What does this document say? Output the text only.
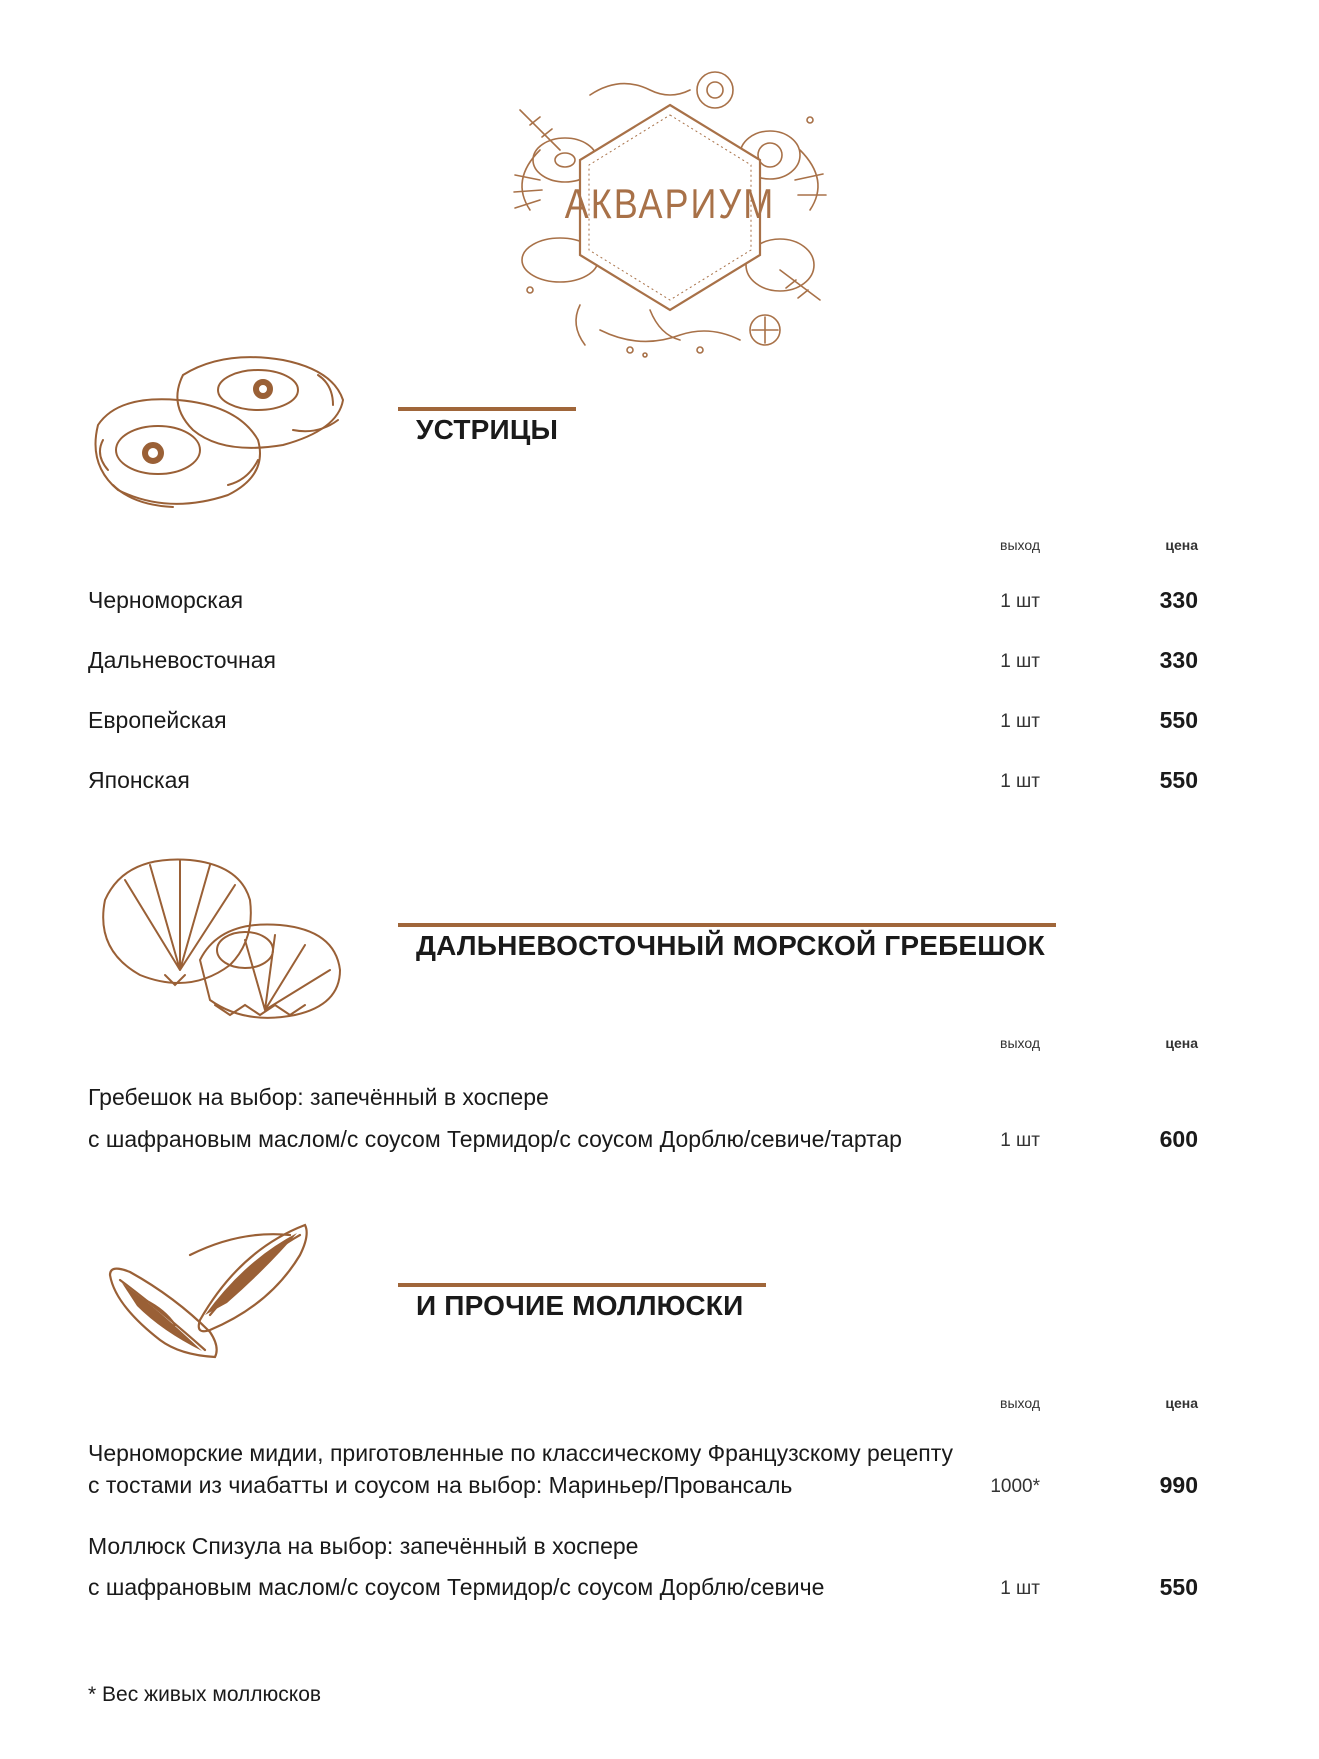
АКВАРИУМ
УСТРИЦЫ
выход	цена
Черноморская	1 шт	330
Дальневосточная	1 шт	330
Европейская	1 шт	550
Японская	1 шт	550
ДАЛЬНЕВОСТОЧНЫЙ МОРСКОЙ ГРЕБЕШОК
выход	цена
Гребешок на выбор: запечённый в хоспере
с шафрановым маслом/с соусом Термидор/с соусом Дорблю/севиче/тартар	1 шт	600
И ПРОЧИЕ МОЛЛЮСКИ
выход	цена
Черноморские мидии, приготовленные по классическому Французскому рецепту
с тостами из чиабатты и соусом на выбор: Мариньер/Провансаль	1000*	990
Моллюск Спизула на выбор: запечённый в хоспере
с шафрановым маслом/с соусом Термидор/с соусом Дорблю/севиче	1 шт	550
* Вес живых моллюсков
